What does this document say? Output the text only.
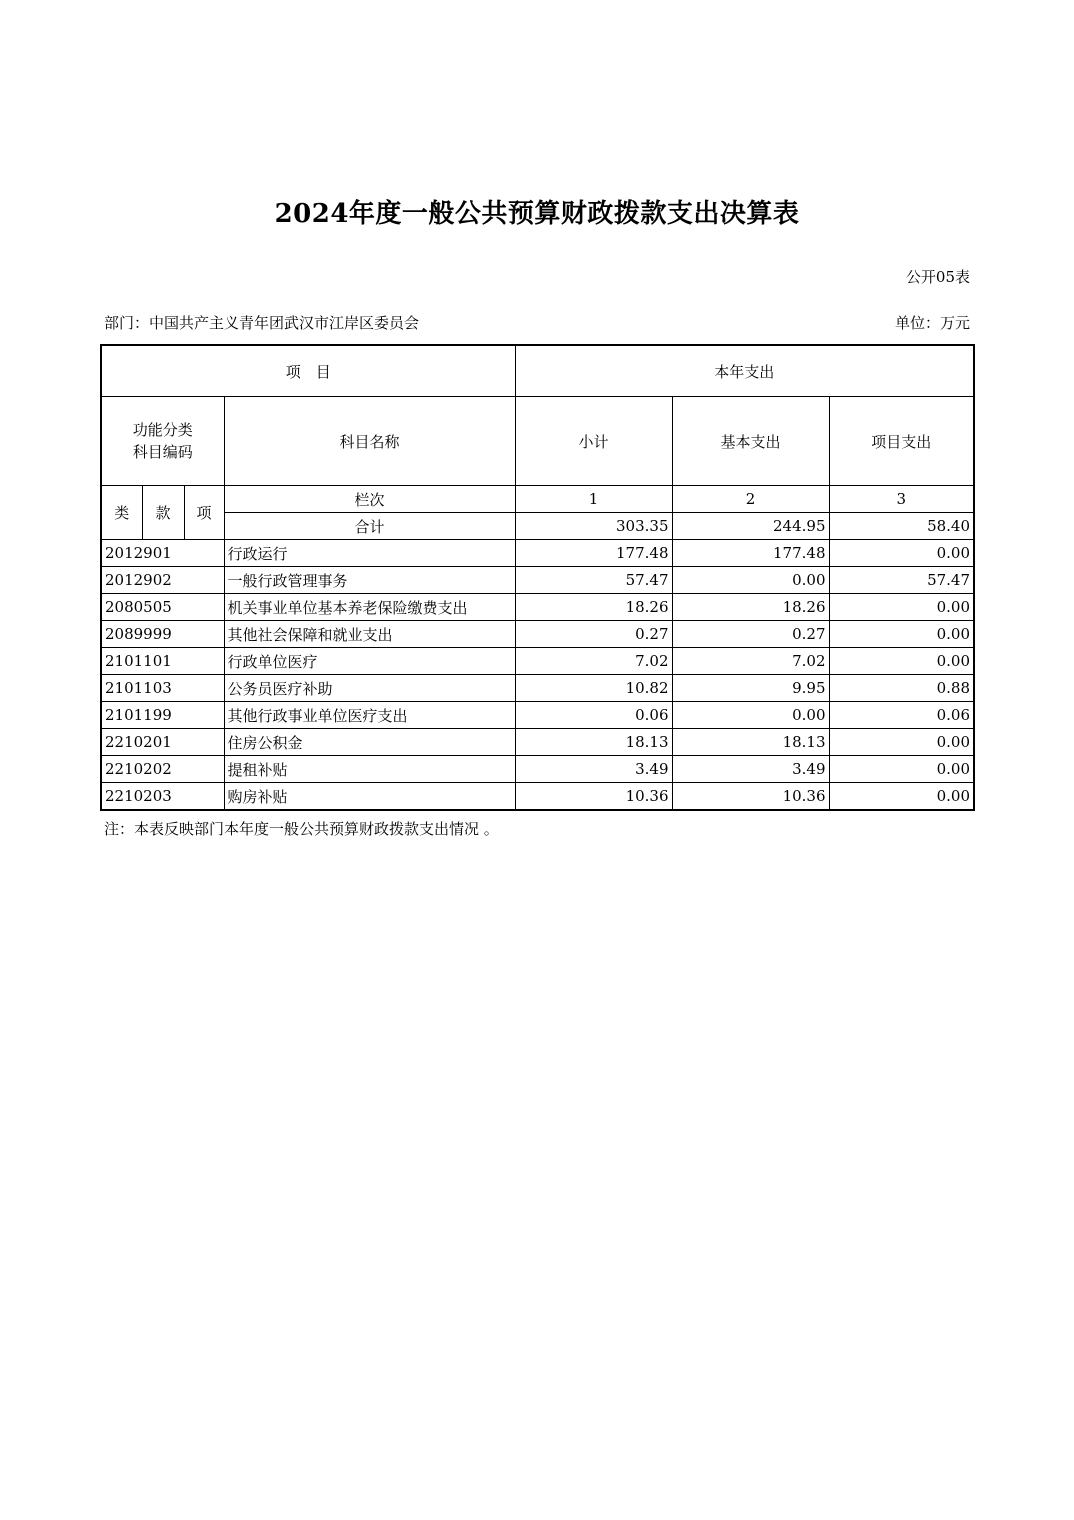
2024年度一般公共预算财政拨款支出决算表
公开05表
部门：中国共产主义青年团武汉市江岸区委员会	单位：万元
项　目				本年支出		

功能分类
科目编码			科目名称	小计	基本支出	项目支出
类	款	项	栏次	1	2	3
			合计	303.35	244.95	58.40
2012901			行政运行	177.48	177.48	0.00
2012902			一般行政管理事务	57.47	0.00	57.47
2080505			机关事业单位基本养老保险缴费支出	18.26	18.26	0.00
2089999			其他社会保障和就业支出	0.27	0.27	0.00
2101101			行政单位医疗	7.02	7.02	0.00
2101103			公务员医疗补助	10.82	9.95	0.88
2101199			其他行政事业单位医疗支出	0.06	0.00	0.06
2210201			住房公积金	18.13	18.13	0.00
2210202			提租补贴	3.49	3.49	0.00
2210203			购房补贴	10.36	10.36	0.00
注：本表反映部门本年度一般公共预算财政拨款支出情况 。
